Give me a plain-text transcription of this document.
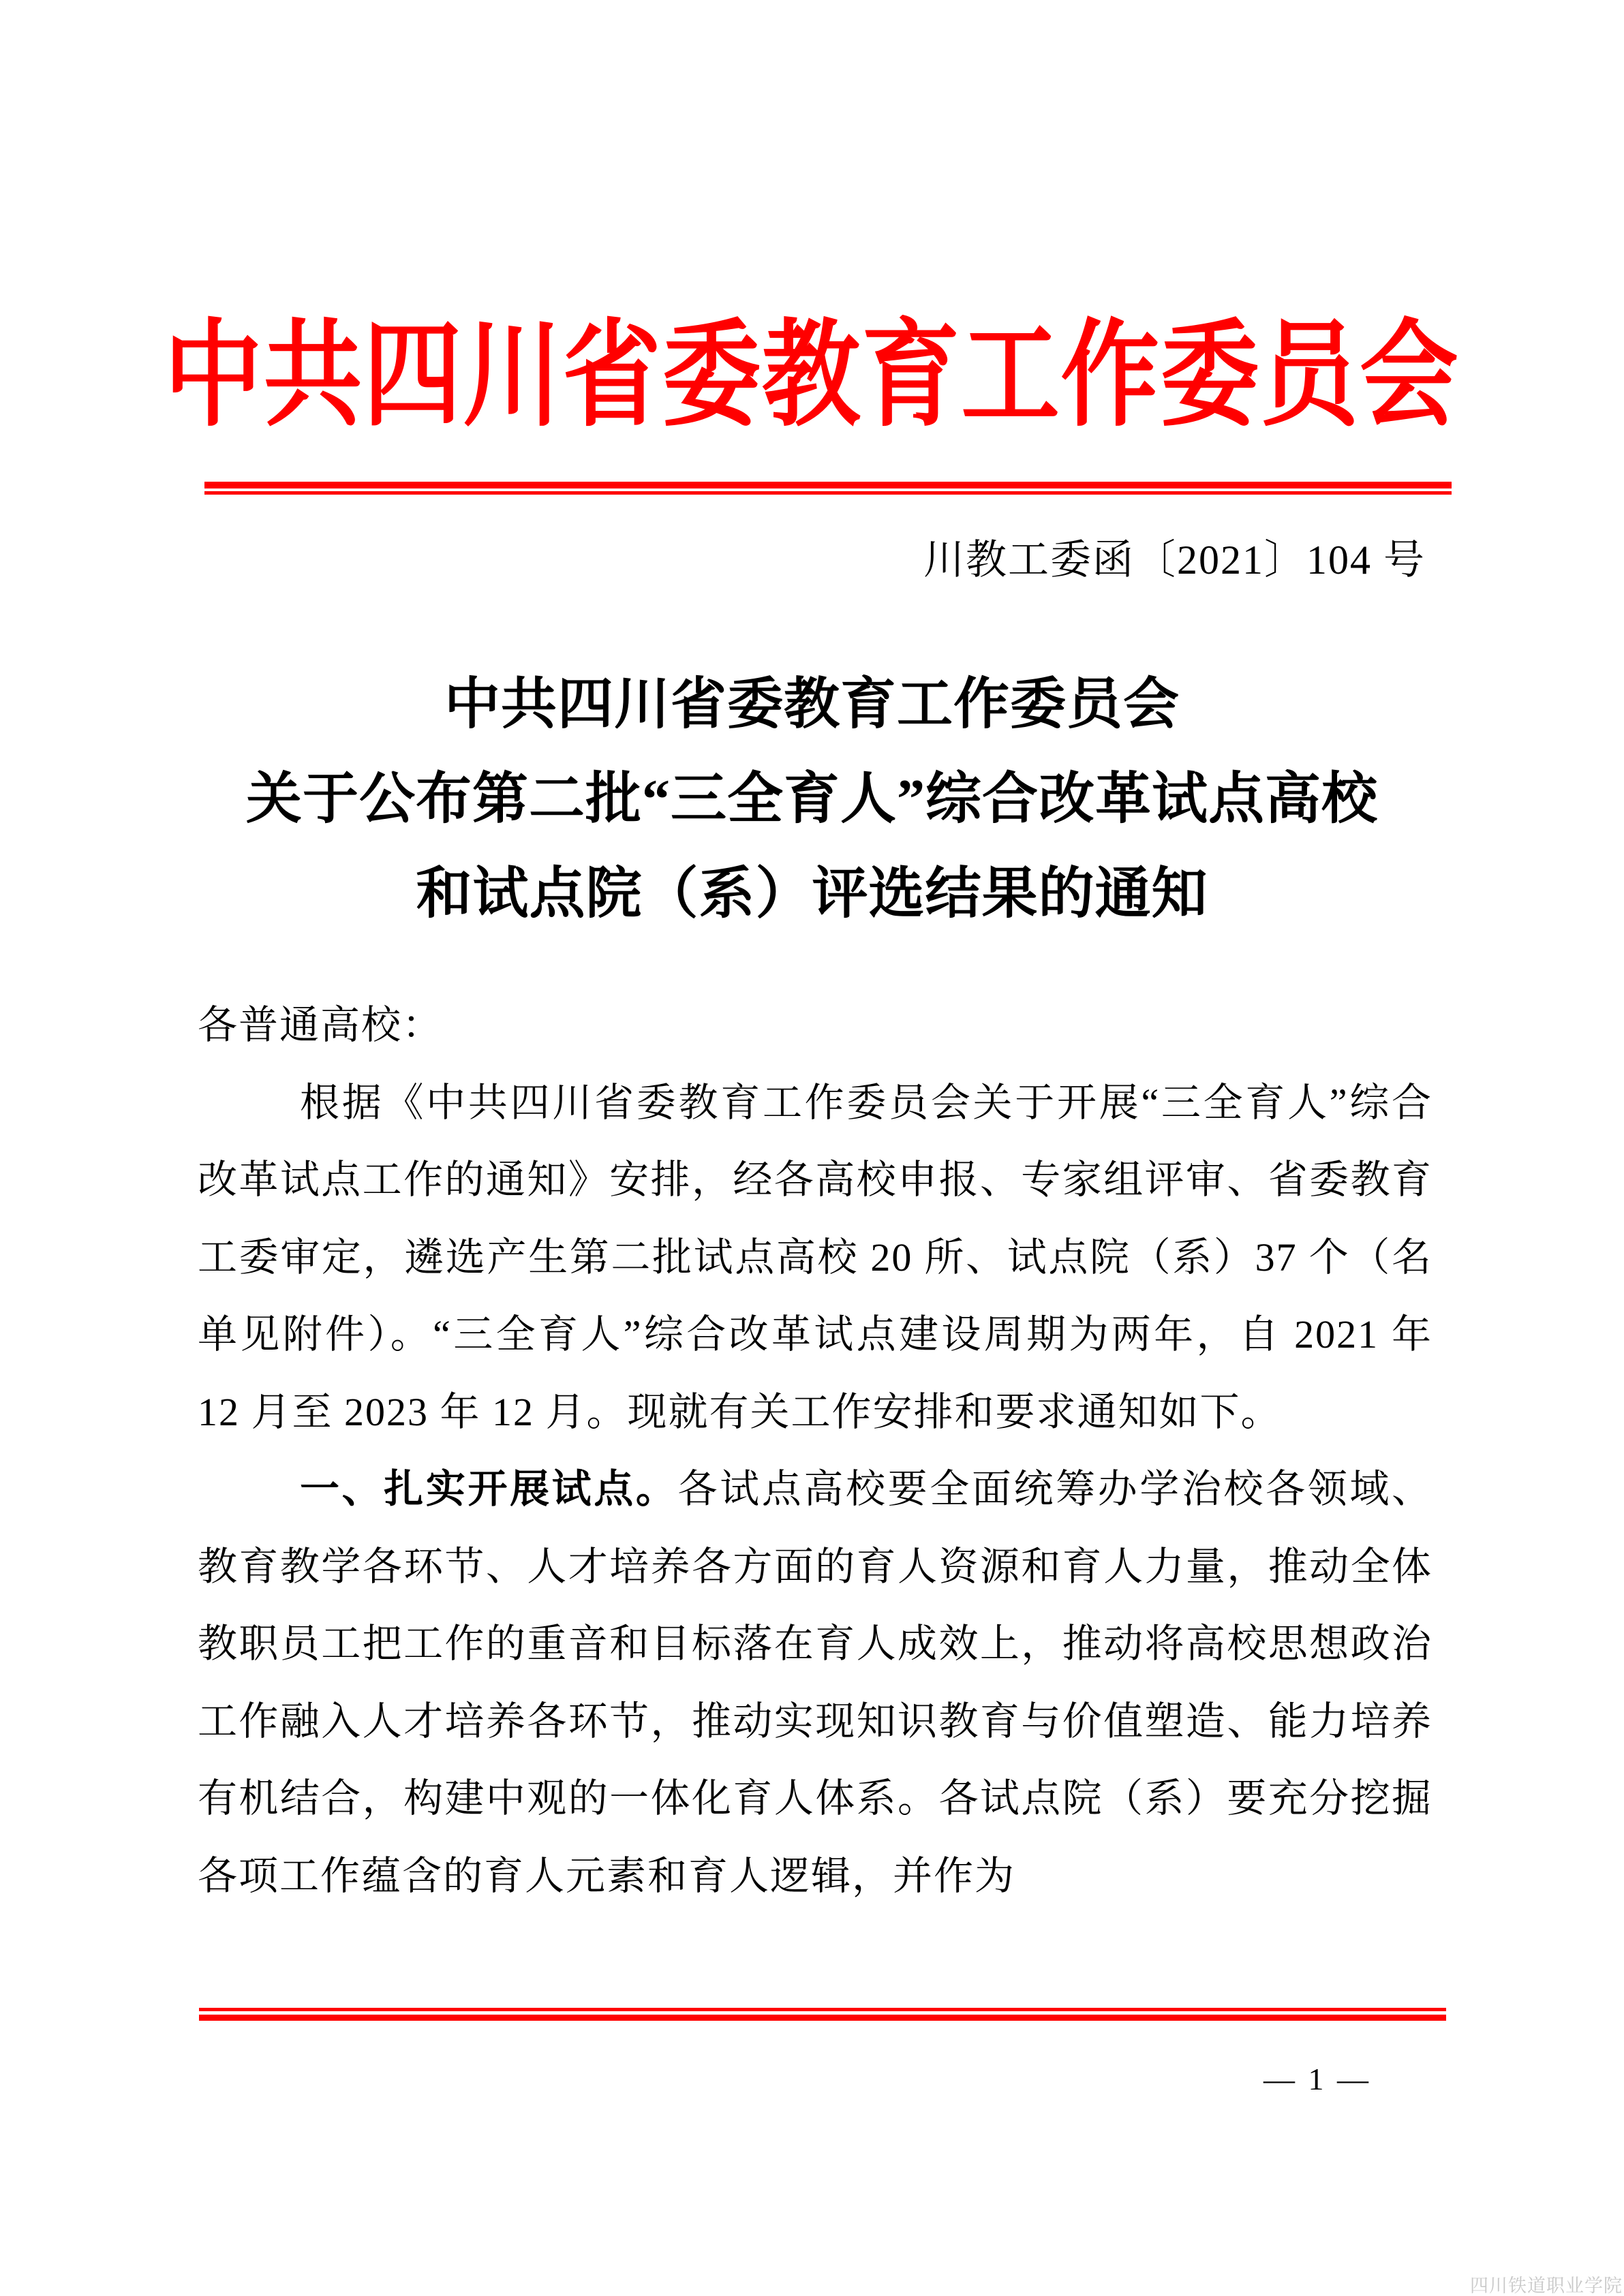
中共四川省委教育工作委员会
川教工委函〔2021〕104 号
中共四川省委教育工作委员会
关于公布第二批“三全育人”综合改革试点高校
和试点院（系）评选结果的通知
各普通高校：

根据《中共四川省委教育工作委员会关于开展“三全育人”综合改革试点工作的通知》安排，经各高校申报、专家组评审、省委教育工委审定，遴选产生第二批试点高校 20 所、试点院（系）37 个（名单见附件）。“三全育人”综合改革试点建设周期为两年，自 2021 年 12 月至 2023 年 12 月。现就有关工作安排和要求通知如下。

一、扎实开展试点。各试点高校要全面统筹办学治校各领域、教育教学各环节、人才培养各方面的育人资源和育人力量，推动全体教职员工把工作的重音和目标落在育人成效上，推动将高校思想政治工作融入人才培养各环节，推动实现知识教育与价值塑造、能力培养有机结合，构建中观的一体化育人体系。各试点院（系）要充分挖掘各项工作蕴含的育人元素和育人逻辑，并作为

— 1 —
四川铁道职业学院
